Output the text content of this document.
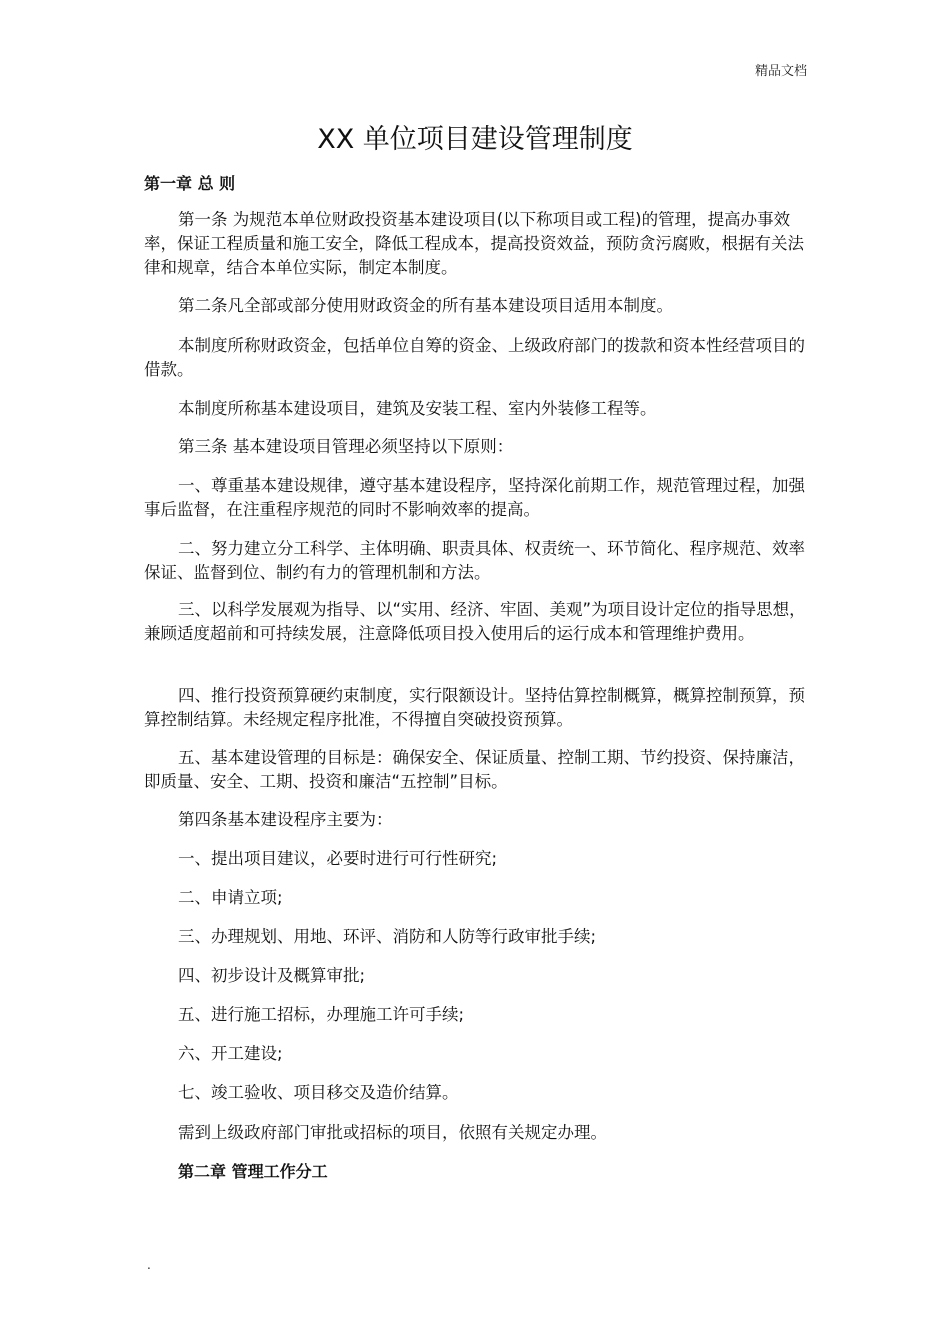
精品文档
XX 单位项目建设管理制度

第一章 总 则

第一条 为规范本单位财政投资基本建设项目(以下称项目或工程)的管理，提高办事效率，保证工程质量和施工安全，降低工程成本，提高投资效益，预防贪污腐败，根据有关法律和规章，结合本单位实际，制定本制度。

第二条凡全部或部分使用财政资金的所有基本建设项目适用本制度。

本制度所称财政资金，包括单位自筹的资金、上级政府部门的拨款和资本性经营项目的借款。

本制度所称基本建设项目，建筑及安装工程、室内外装修工程等。

第三条 基本建设项目管理必须坚持以下原则：

一、尊重基本建设规律，遵守基本建设程序，坚持深化前期工作，规范管理过程，加强事后监督，在注重程序规范的同时不影响效率的提高。

二、努力建立分工科学、主体明确、职责具体、权责统一、环节简化、程序规范、效率保证、监督到位、制约有力的管理机制和方法。

三、以科学发展观为指导、以“实用、经济、牢固、美观”为项目设计定位的指导思想，兼顾适度超前和可持续发展，注意降低项目投入使用后的运行成本和管理维护费用。

四、推行投资预算硬约束制度，实行限额设计。坚持估算控制概算，概算控制预算，预算控制结算。未经规定程序批准，不得擅自突破投资预算。

五、基本建设管理的目标是：确保安全、保证质量、控制工期、节约投资、保持廉洁，即质量、安全、工期、投资和廉洁“五控制”目标。

第四条基本建设程序主要为：

一、提出项目建议，必要时进行可行性研究;

二、申请立项;

三、办理规划、用地、环评、消防和人防等行政审批手续;

四、初步设计及概算审批;

五、进行施工招标，办理施工许可手续;

六、开工建设;

七、竣工验收、项目移交及造价结算。

需到上级政府部门审批或招标的项目，依照有关规定办理。

第二章 管理工作分工

.
